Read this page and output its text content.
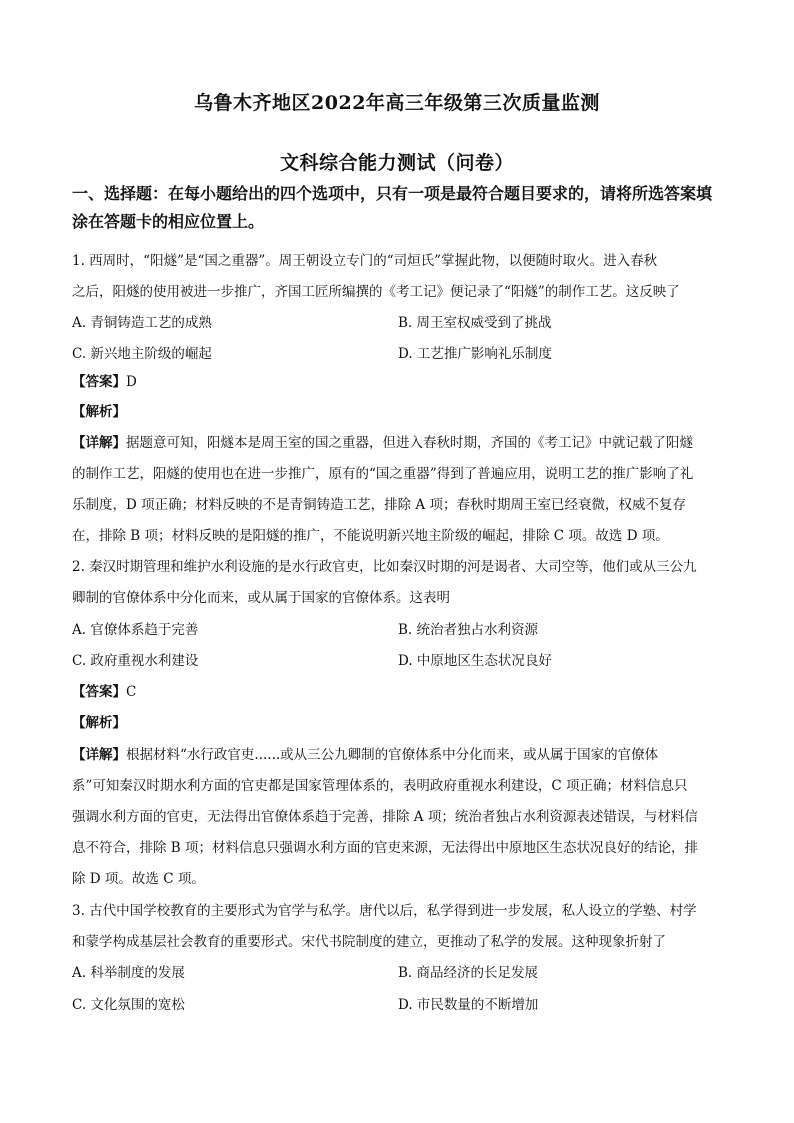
乌鲁木齐地区2022年高三年级第三次质量监测
文科综合能力测试（问卷）
一、选择题：在每小题给出的四个选项中，只有一项是最符合题目要求的，请将所选答案填
涂在答题卡的相应位置上。
1. 西周时，“阳燧”是“国之重器”。周王朝设立专门的“司烜氏”掌握此物，以便随时取火。进入春秋
之后，阳燧的使用被进一步推广，齐国工匠所编撰的《考工记》便记录了“阳燧”的制作工艺。这反映了
A. 青铜铸造工艺的成熟	B. 周王室权威受到了挑战
C. 新兴地主阶级的崛起	D. 工艺推广影响礼乐制度
【答案】D
【解析】
【详解】据题意可知，阳燧本是周王室的国之重器，但进入春秋时期，齐国的《考工记》中就记载了阳燧
的制作工艺，阳燧的使用也在进一步推广，原有的“国之重器”得到了普遍应用，说明工艺的推广影响了礼
乐制度，D 项正确；材料反映的不是青铜铸造工艺，排除 A 项；春秋时期周王室已经衰微，权威不复存
在，排除 B 项；材料反映的是阳燧的推广，不能说明新兴地主阶级的崛起，排除 C 项。故选 D 项。
2. 秦汉时期管理和维护水利设施的是水行政官吏，比如秦汉时期的河是谒者、大司空等，他们或从三公九
卿制的官僚体系中分化而来，或从属于国家的官僚体系。这表明
A. 官僚体系趋于完善	B. 统治者独占水利资源
C. 政府重视水利建设	D. 中原地区生态状况良好
【答案】C
【解析】
【详解】根据材料“水行政官吏......或从三公九卿制的官僚体系中分化而来，或从属于国家的官僚体
系”可知秦汉时期水利方面的官吏都是国家管理体系的，表明政府重视水利建设，C 项正确；材料信息只
强调水利方面的官吏，无法得出官僚体系趋于完善，排除 A 项；统治者独占水利资源表述错误，与材料信
息不符合，排除 B 项；材料信息只强调水利方面的官吏来源，无法得出中原地区生态状况良好的结论，排
除 D 项。故选 C 项。
3. 古代中国学校教育的主要形式为官学与私学。唐代以后，私学得到进一步发展，私人设立的学塾、村学
和蒙学构成基层社会教育的重要形式。宋代书院制度的建立，更推动了私学的发展。这种现象折射了
A. 科举制度的发展	B. 商品经济的长足发展
C. 文化氛围的宽松	D. 市民数量的不断增加
